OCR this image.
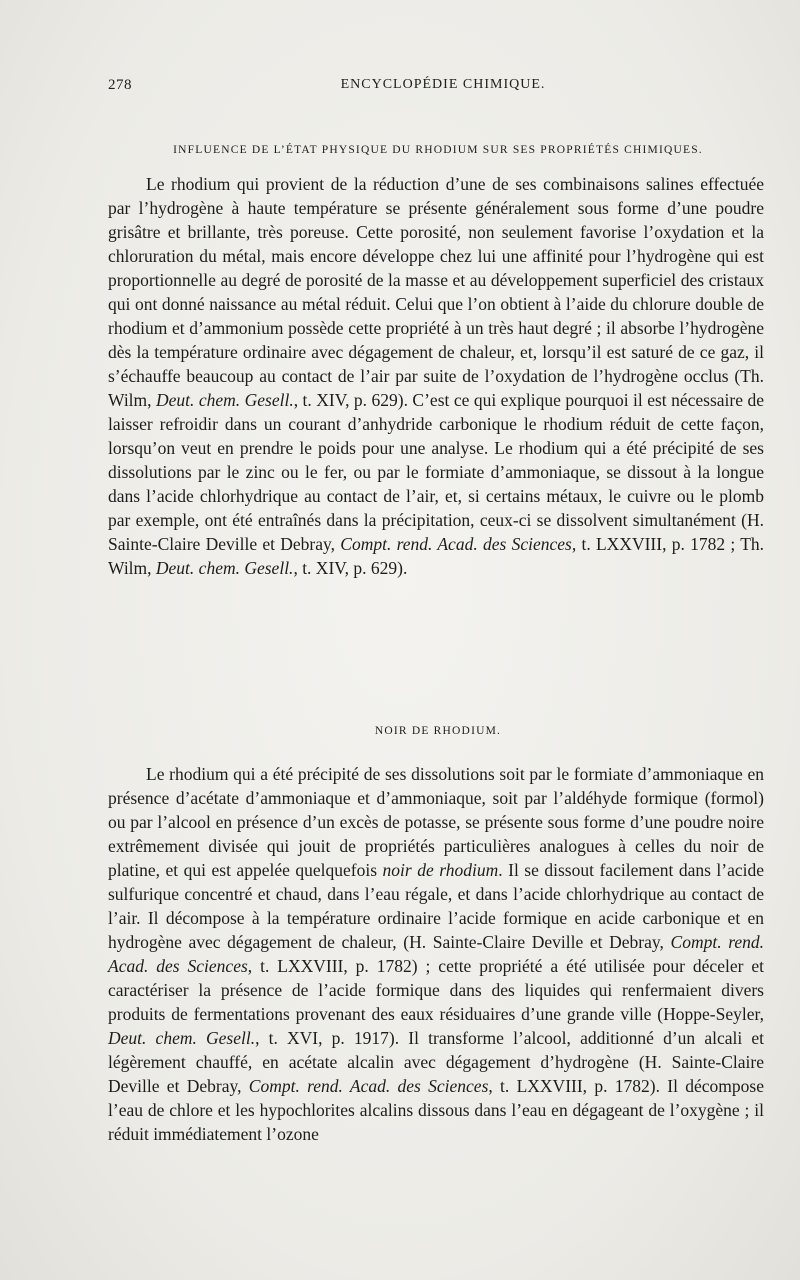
278	ENCYCLOPÉDIE CHIMIQUE.
INFLUENCE DE L’ÉTAT PHYSIQUE DU RHODIUM SUR SES PROPRIÉTÉS CHIMIQUES.

Le rhodium qui provient de la réduction d’une de ses combinaisons salines effectuée par l’hydrogène à haute température se présente généralement sous forme d’une poudre grisâtre et brillante, très poreuse. Cette porosité, non seulement favorise l’oxydation et la chloruration du métal, mais encore développe chez lui une affinité pour l’hydrogène qui est proportionnelle au degré de porosité de la masse et au développement superficiel des cristaux qui ont donné naissance au métal réduit. Celui que l’on obtient à l’aide du chlorure double de rhodium et d’ammonium possède cette propriété à un très haut degré ; il absorbe l’hydrogène dès la température ordinaire avec dégagement de chaleur, et, lorsqu’il est saturé de ce gaz, il s’échauffe beaucoup au contact de l’air par suite de l’oxydation de l’hydrogène occlus (Th. Wilm, Deut. chem. Gesell., t. XIV, p. 629). C’est ce qui explique pourquoi il est nécessaire de laisser refroidir dans un courant d’anhydride carbonique le rhodium réduit de cette façon, lorsqu’on veut en prendre le poids pour une analyse. Le rhodium qui a été précipité de ses dissolutions par le zinc ou le fer, ou par le formiate d’ammoniaque, se dissout à la longue dans l’acide chlorhydrique au contact de l’air, et, si certains métaux, le cuivre ou le plomb par exemple, ont été entraînés dans la précipitation, ceux-ci se dissolvent simultanément (H. Sainte-Claire Deville et Debray, Compt. rend. Acad. des Sciences, t. LXXVIII, p. 1782 ; Th. Wilm, Deut. chem. Gesell., t. XIV, p. 629).

NOIR DE RHODIUM.

Le rhodium qui a été précipité de ses dissolutions soit par le formiate d’ammoniaque en présence d’acétate d’ammoniaque et d’ammoniaque, soit par l’aldéhyde formique (formol) ou par l’alcool en présence d’un excès de potasse, se présente sous forme d’une poudre noire extrêmement divisée qui jouit de propriétés particulières analogues à celles du noir de platine, et qui est appelée quelquefois noir de rhodium. Il se dissout facilement dans l’acide sulfurique concentré et chaud, dans l’eau régale, et dans l’acide chlorhydrique au contact de l’air. Il décompose à la température ordinaire l’acide formique en acide carbonique et en hydrogène avec dégagement de chaleur, (H. Sainte-Claire Deville et Debray, Compt. rend. Acad. des Sciences, t. LXXVIII, p. 1782) ; cette propriété a été utilisée pour déceler et caractériser la présence de l’acide formique dans des liquides qui renfermaient divers produits de fermentations provenant des eaux résiduaires d’une grande ville (Hoppe-Seyler, Deut. chem. Gesell., t. XVI, p. 1917). Il transforme l’alcool, additionné d’un alcali et légèrement chauffé, en acétate alcalin avec dégagement d’hydrogène (H. Sainte-Claire Deville et Debray, Compt. rend. Acad. des Sciences, t. LXXVIII, p. 1782). Il décompose l’eau de chlore et les hypochlorites alcalins dissous dans l’eau en dégageant de l’oxygène ; il réduit immédiatement l’ozone
